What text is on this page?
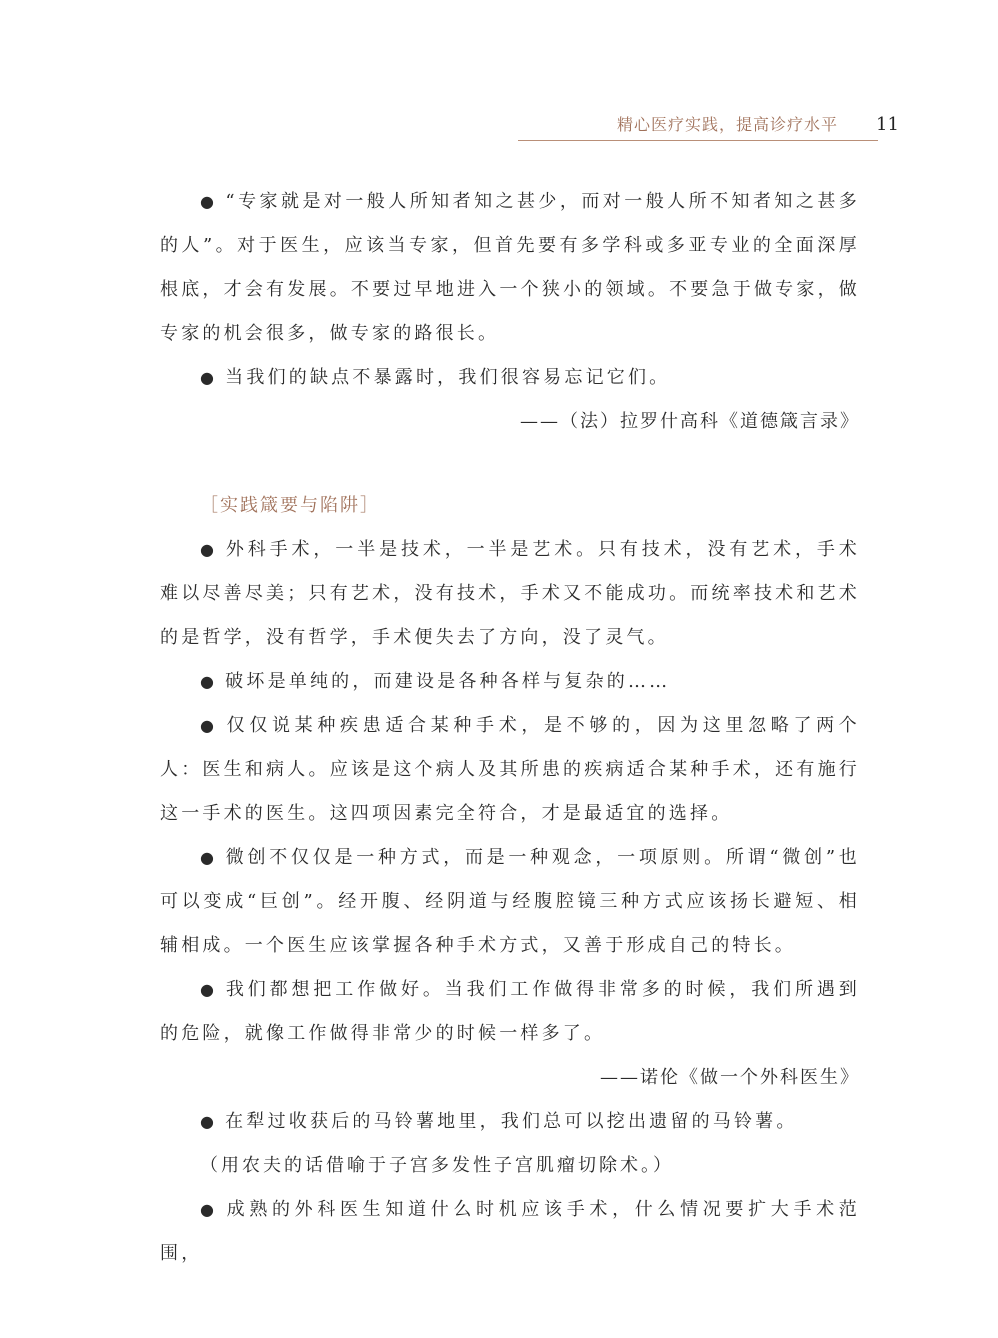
精心医疗实践，提高诊疗水平 11

● “专家就是对一般人所知者知之甚少，而对一般人所不知者知之甚多的人”。对于医生，应该当专家，但首先要有多学科或多亚专业的全面深厚根底，才会有发展。不要过早地进入一个狭小的领域。不要急于做专家，做专家的机会很多，做专家的路很长。

● 当我们的缺点不暴露时，我们很容易忘记它们。

——（法）拉罗什高科《道德箴言录》

［实践箴要与陷阱］

● 外科手术，一半是技术，一半是艺术。只有技术，没有艺术，手术难以尽善尽美；只有艺术，没有技术，手术又不能成功。而统率技术和艺术的是哲学，没有哲学，手术便失去了方向，没了灵气。

● 破坏是单纯的，而建设是各种各样与复杂的……

● 仅仅说某种疾患适合某种手术，是不够的，因为这里忽略了两个人：医生和病人。应该是这个病人及其所患的疾病适合某种手术，还有施行这一手术的医生。这四项因素完全符合，才是最适宜的选择。

● 微创不仅仅是一种方式，而是一种观念，一项原则。所谓“微创”也可以变成“巨创”。经开腹、经阴道与经腹腔镜三种方式应该扬长避短、相辅相成。一个医生应该掌握各种手术方式，又善于形成自己的特长。

● 我们都想把工作做好。当我们工作做得非常多的时候，我们所遇到的危险，就像工作做得非常少的时候一样多了。

——诺伦《做一个外科医生》

● 在犁过收获后的马铃薯地里，我们总可以挖出遗留的马铃薯。

（用农夫的话借喻于子宫多发性子宫肌瘤切除术。）

● 成熟的外科医生知道什么时机应该手术，什么情况要扩大手术范围，
